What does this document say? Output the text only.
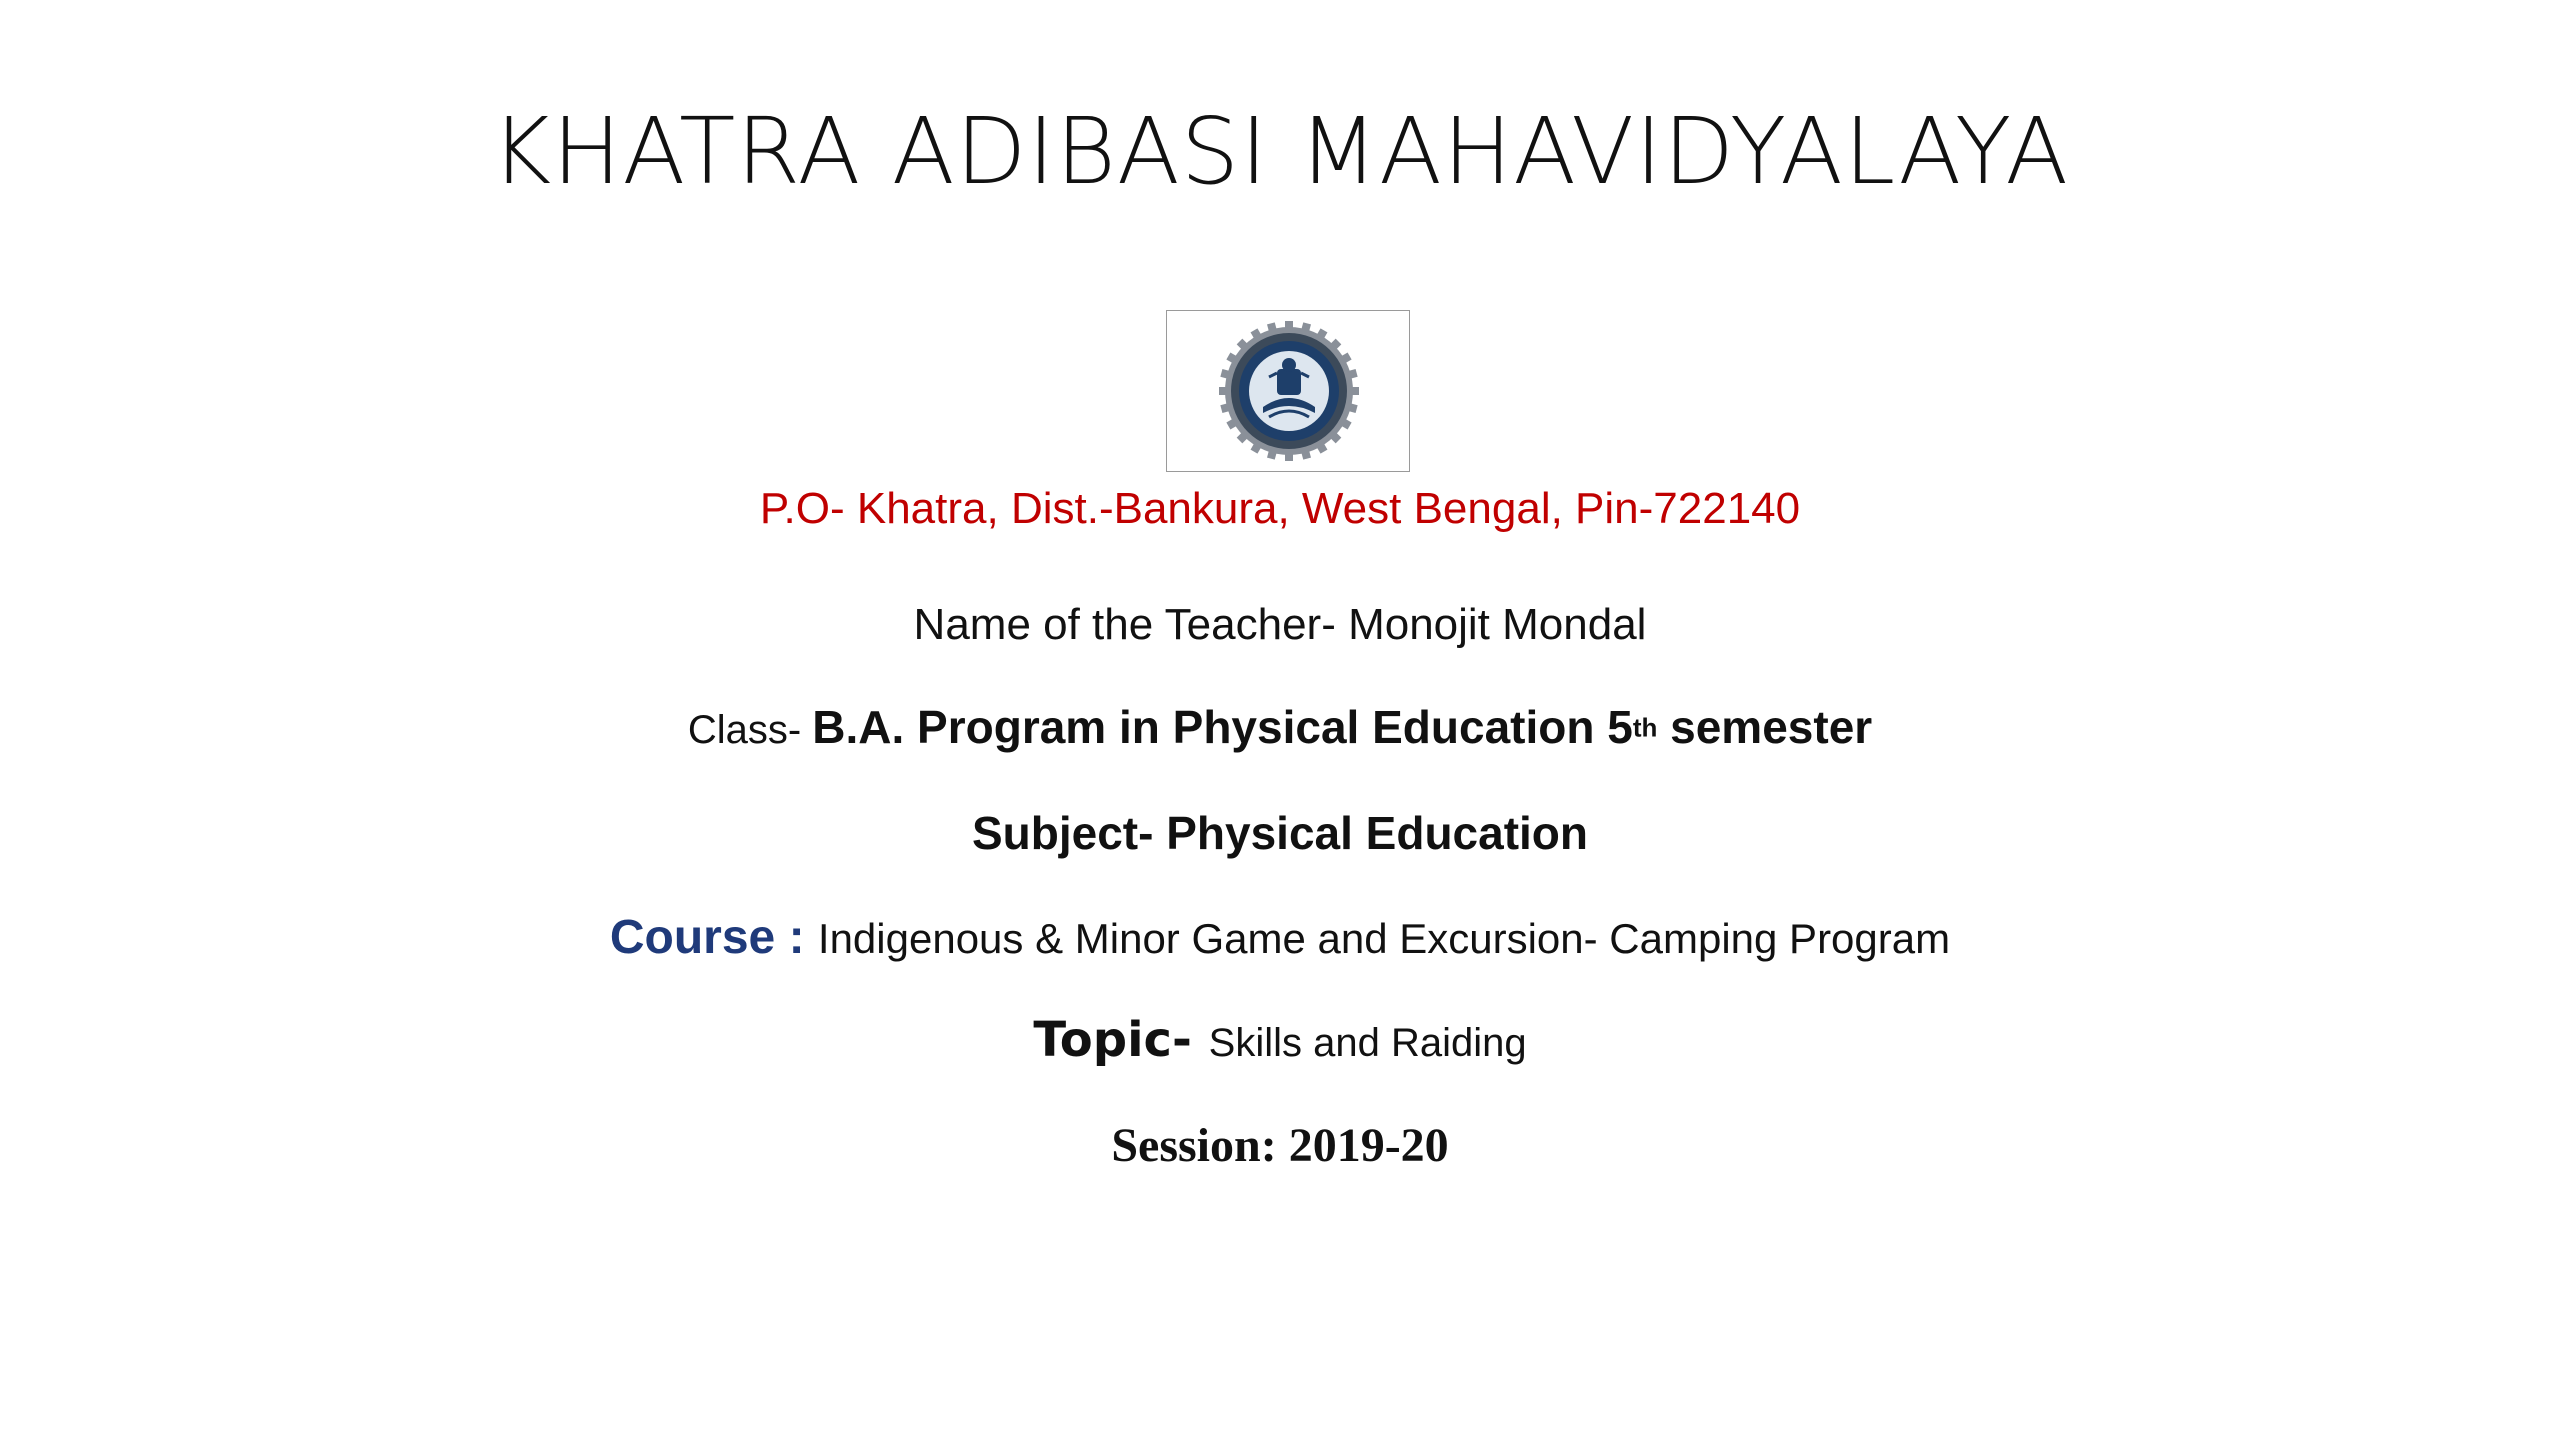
KHATRA ADIBASI MAHAVIDYALAYA
P.O- Khatra, Dist.-Bankura, West Bengal, Pin-722140
Name of the Teacher- Monojit Mondal
Class- B.A. Program in Physical Education 5th semester
Subject- Physical Education
Course : Indigenous & Minor Game and Excursion- Camping Program
Topic- Skills and Raiding
Session: 2019-20
